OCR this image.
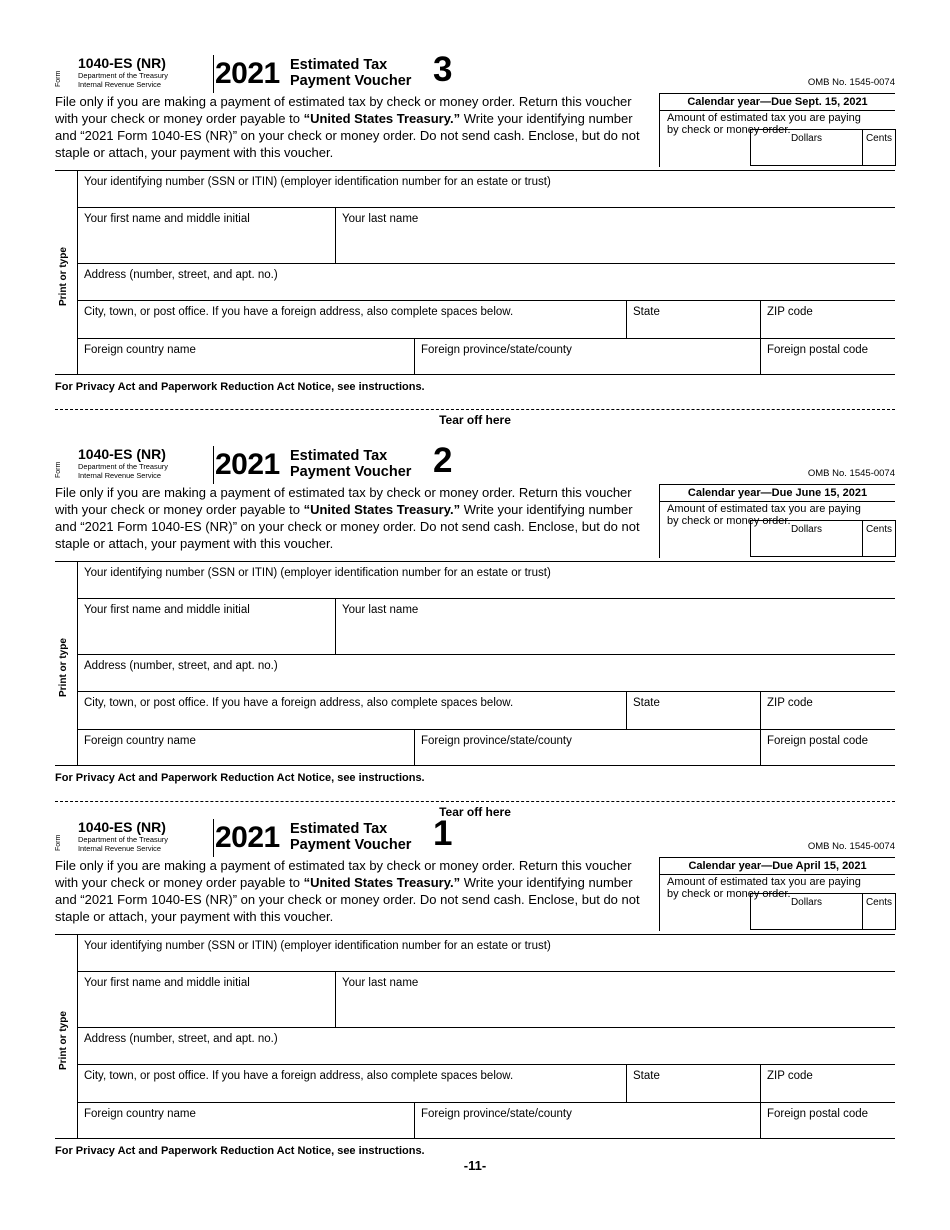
Form
1040-ES (NR)
Department of the Treasury
Internal Revenue Service 2021 Estimated Tax
Payment Voucher 3	OMB No. 1545-0074
File only if you are making a payment of estimated tax by check or money order. Return this voucher with your check or money order payable to “United States Treasury.” Write your identifying number and “2021 Form 1040-ES (NR)” on your check or money order. Do not send cash. Enclose, but do not staple or attach, your payment with this voucher.
Calendar year—Due Sept. 15, 2021
Amount of estimated tax you are paying by check or money order.
Dollars	Cents
Print or type
Your identifying number (SSN or ITIN) (employer identification number for an estate or trust)
Your first name and middle initial	Your last name
Address (number, street, and apt. no.)
City, town, or post office. If you have a foreign address, also complete spaces below.	State	ZIP code
Foreign country name	Foreign province/state/county	Foreign postal code
For Privacy Act and Paperwork Reduction Act Notice, see instructions.
Tear off here
Form
1040-ES (NR)
Department of the Treasury
Internal Revenue Service 2021 Estimated Tax
Payment Voucher 2	OMB No. 1545-0074
File only if you are making a payment of estimated tax by check or money order. Return this voucher with your check or money order payable to “United States Treasury.” Write your identifying number and “2021 Form 1040-ES (NR)” on your check or money order. Do not send cash. Enclose, but do not staple or attach, your payment with this voucher.
Calendar year—Due June 15, 2021
Amount of estimated tax you are paying by check or money order.
Dollars	Cents
Print or type
Your identifying number (SSN or ITIN) (employer identification number for an estate or trust)
Your first name and middle initial	Your last name
Address (number, street, and apt. no.)
City, town, or post office. If you have a foreign address, also complete spaces below.	State	ZIP code
Foreign country name	Foreign province/state/county	Foreign postal code
For Privacy Act and Paperwork Reduction Act Notice, see instructions.
Tear off here
Form
1040-ES (NR)
Department of the Treasury
Internal Revenue Service 2021 Estimated Tax
Payment Voucher 1	OMB No. 1545-0074
File only if you are making a payment of estimated tax by check or money order. Return this voucher with your check or money order payable to “United States Treasury.” Write your identifying number and “2021 Form 1040-ES (NR)” on your check or money order. Do not send cash. Enclose, but do not staple or attach, your payment with this voucher.
Calendar year—Due April 15, 2021
Amount of estimated tax you are paying by check or money order.
Dollars	Cents
Print or type
Your identifying number (SSN or ITIN) (employer identification number for an estate or trust)
Your first name and middle initial	Your last name
Address (number, street, and apt. no.)
City, town, or post office. If you have a foreign address, also complete spaces below.	State	ZIP code
Foreign country name	Foreign province/state/county	Foreign postal code
For Privacy Act and Paperwork Reduction Act Notice, see instructions.
-11-
